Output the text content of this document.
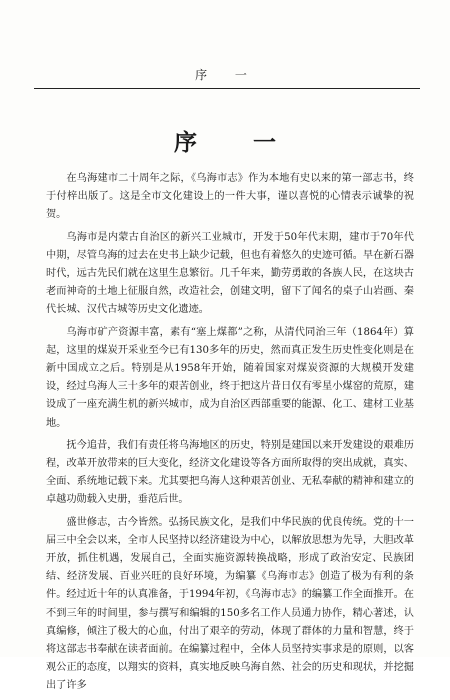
序 一
序 一

在乌海建市二十周年之际，《乌海市志》作为本地有史以来的第一部志书，终于付梓出版了。这是全市文化建设上的一件大事，谨以喜悦的心情表示诚挚的祝贺。

乌海市是内蒙古自治区的新兴工业城市，开发于50年代末期，建市于70年代中期，尽管乌海的过去在史书上缺少记载，但也有着悠久的史迹可循。早在新石器时代，远古先民们就在这里生息繁衍。几千年来，勤劳勇敢的各族人民，在这块古老而神奇的土地上征服自然，改造社会，创建文明，留下了闻名的桌子山岩画、秦代长城、汉代古城等历史文化遗迹。

乌海市矿产资源丰富，素有“塞上煤都”之称，从清代同治三年（1864年）算起，这里的煤炭开采业至今已有130多年的历史，然而真正发生历史性变化则是在新中国成立之后。特别是从1958年开始，随着国家对煤炭资源的大规模开发建设，经过乌海人三十多年的艰苦创业，终于把这片昔日仅有零星小煤窑的荒原，建设成了一座充满生机的新兴城市，成为自治区西部重要的能源、化工、建材工业基地。

抚今追昔，我们有责任将乌海地区的历史，特别是建国以来开发建设的艰难历程，改革开放带来的巨大变化，经济文化建设等各方面所取得的突出成就，真实、全面、系统地记载下来。尤其要把乌海人这种艰苦创业、无私奉献的精神和建立的卓越功勋载入史册，垂范后世。

盛世修志，古今皆然。弘扬民族文化，是我们中华民族的优良传统。党的十一届三中全会以来，全市人民坚持以经济建设为中心，以解放思想为先导，大胆改革开放，抓住机遇，发展自己，全面实施资源转换战略，形成了政治安定、民族团结、经济发展、百业兴旺的良好环境，为编纂《乌海市志》创造了极为有利的条件。经过近十年的认真准备，于1994年初，《乌海市志》的编纂工作全面推开。在不到三年的时间里，参与撰写和编辑的150多名工作人员通力协作，精心著述，认真编修，倾注了极大的心血，付出了艰辛的劳动，体现了群体的力量和智慧，终于将这部志书奉献在读者面前。在编纂过程中，全体人员坚持实事求是的原则，以客观公正的态度，以翔实的资料，真实地反映乌海自然、社会的历史和现状，并挖掘出了许多
